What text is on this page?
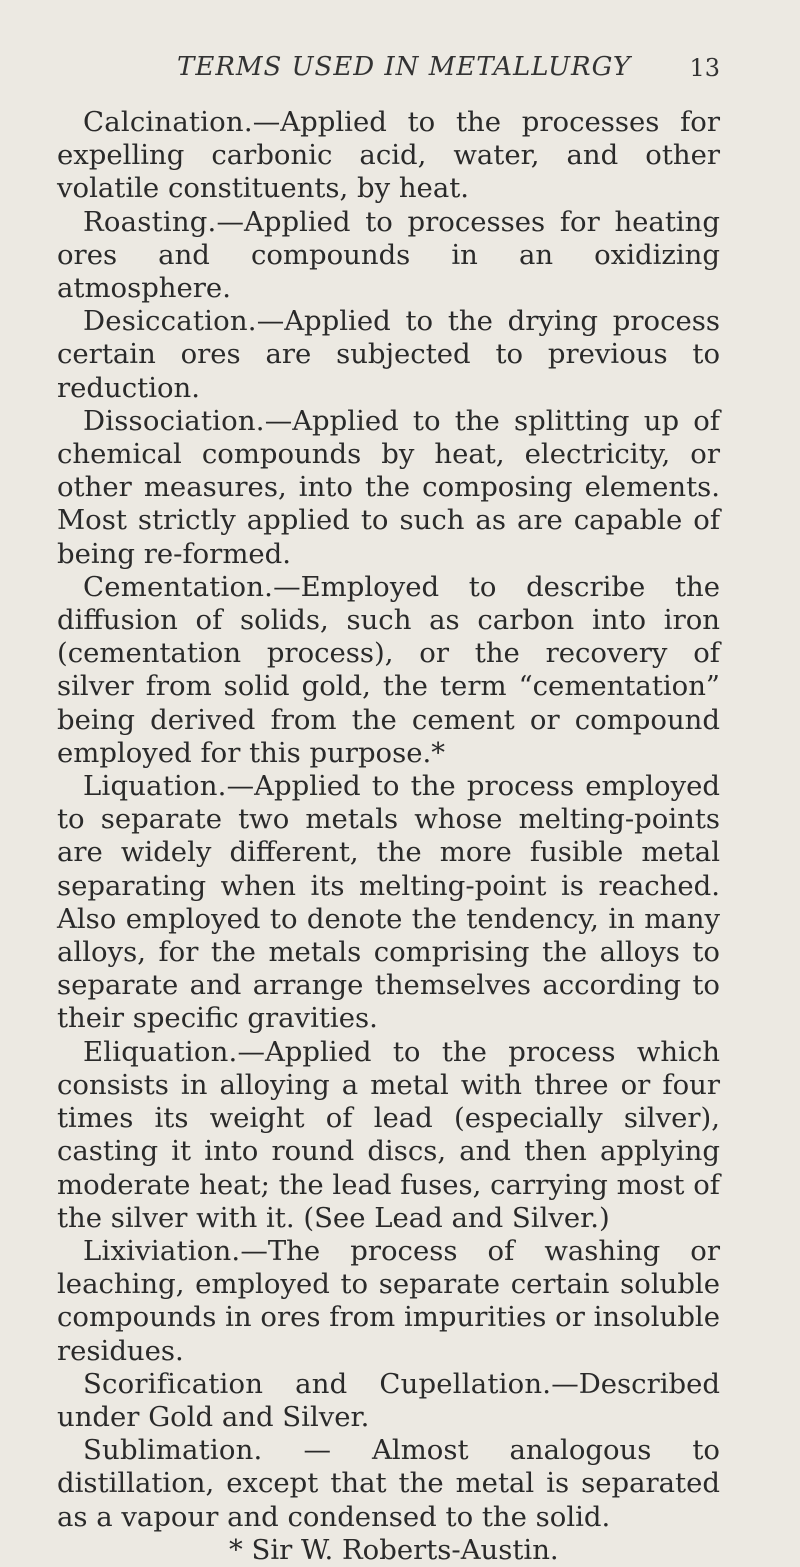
TERMS USED IN METALLURGY 13

Calcination.—Applied to the processes for expelling carbonic acid, water, and other volatile constituents, by heat.

Roasting.—Applied to processes for heating ores and compounds in an oxidizing atmosphere.

Desiccation.—Applied to the drying process certain ores are subjected to previous to reduction.

Dissociation.—Applied to the splitting up of chemical compounds by heat, electricity, or other measures, into the composing elements. Most strictly applied to such as are capable of being re-formed.

Cementation.—Employed to describe the diffusion of solids, such as carbon into iron (cementation process), or the recovery of silver from solid gold, the term “cementation” being derived from the cement or compound employed for this purpose.*

Liquation.—Applied to the process employed to separate two metals whose melting-points are widely different, the more fusible metal separating when its melting-point is reached. Also employed to denote the tendency, in many alloys, for the metals comprising the alloys to separate and arrange themselves according to their specific gravities.

Eliquation.—Applied to the process which consists in alloying a metal with three or four times its weight of lead (especially silver), casting it into round discs, and then applying moderate heat; the lead fuses, carrying most of the silver with it. (See Lead and Silver.)

Lixiviation.—The process of washing or leaching, employed to separate certain soluble compounds in ores from impurities or insoluble residues.

Scorification and Cupellation.—Described under Gold and Silver.

Sublimation. — Almost analogous to distillation, except that the metal is separated as a vapour and condensed to the solid.

* Sir W. Roberts-Austin.
